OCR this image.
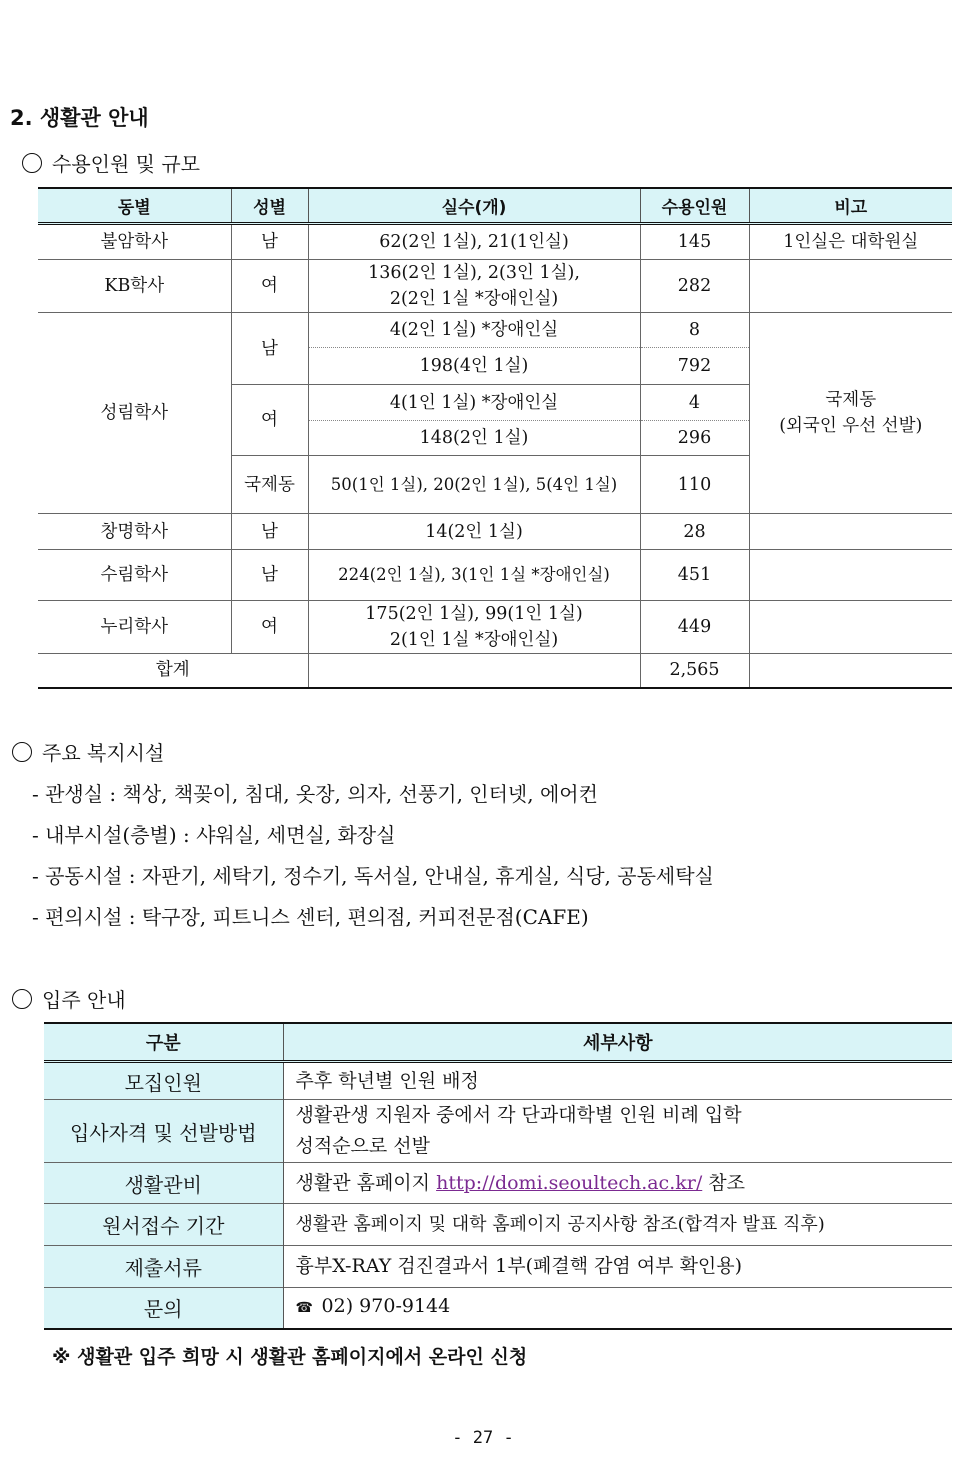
2. 생활관 안내
수용인원 및 규모
동별	성별	실수(개)	수용인원	비고
불암학사	남	62(2인 1실), 21(1인실)	145	1인실은 대학원실
KB학사	여	136(2인 1실), 2(3인 1실),
2(2인 1실 *장애인실)	282	
성림학사	남	4(2인 1실) *장애인실	8	국제동
(외국인 우선 선발)

		198(4인 1실)	792	
	여	4(1인 1실) *장애인실	4	
		148(2인 1실)	296	
	국제동	50(1인 1실), 20(2인 1실), 5(4인 1실)	110	
창명학사	남	14(2인 1실)	28	
수림학사	남	224(2인 1실), 3(1인 1실 *장애인실)	451	
누리학사	여	175(2인 1실), 99(1인 1실)
2(1인 1실 *장애인실)	449	
합계			2,565	
주요 복지시설
- 관생실 : 책상, 책꽂이, 침대, 옷장, 의자, 선풍기, 인터넷, 에어컨
- 내부시설(층별) : 샤워실, 세면실, 화장실
- 공동시설 : 자판기, 세탁기, 정수기, 독서실, 안내실, 휴게실, 식당, 공동세탁실
- 편의시설 : 탁구장, 피트니스 센터, 편의점, 커피전문점(CAFE)
입주 안내
구분	세부사항
모집인원	추후 학년별 인원 배정
입사자격 및 선발방법	생활관생 지원자 중에서 각 단과대학별 인원 비례 입학
성적순으로 선발

생활관비	생활관 홈페이지 http://domi.seoultech.ac.kr/ 참조
원서접수 기간	생활관 홈페이지 및 대학 홈페이지 공지사항 참조(합격자 발표 직후)
제출서류	흉부X-RAY 검진결과서 1부(폐결핵 감염 여부 확인용)
문의	☎ 02) 970-9144
※ 생활관 입주 희망 시 생활관 홈페이지에서 온라인 신청
- 27 -
